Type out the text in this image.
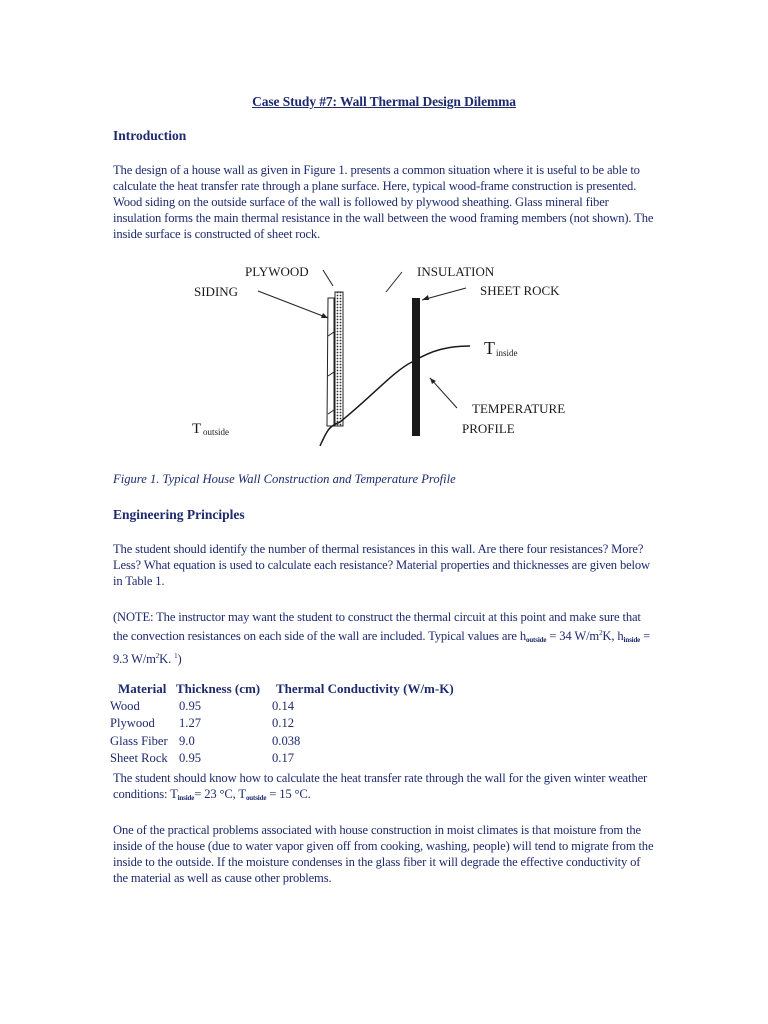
Case Study #7: Wall Thermal Design Dilemma
Introduction

The design of a house wall as given in Figure 1. presents a common situation where it is useful to be able to calculate the heat transfer rate through a plane surface. Here, typical wood-frame construction is presented. Wood siding on the outside surface of the wall is followed by plywood sheathing. Glass mineral fiber insulation forms the main thermal resistance in the wall between the wood framing members (not shown). The inside surface is constructed of sheet rock.

PLYWOOD
SIDING
INSULATION
SHEET ROCK
T inside
TEMPERATURE
PROFILE
T outside
Figure 1. Typical House Wall Construction and Temperature Profile
Engineering Principles

The student should identify the number of thermal resistances in this wall. Are there four resistances? More? Less? What equation is used to calculate each resistance? Material properties and thicknesses are given below in Table 1.

(NOTE: The instructor may want the student to construct the thermal circuit at this point and make sure that the convection resistances on each side of the wall are included. Typical values are $h_{outside} = 34$ $W/m^2K$, $h_{inside} = 9.3$ $W/m^2K$. $^1$)

Material Thickness (cm)	Thermal Conductivity (W/m-K)
Wood	0.95	0.14
Plywood	1.27	0.12
Glass Fiber 9.0	0.038
Sheet Rock 0.95	0.17

The student should know how to calculate the heat transfer rate through the wall for the given winter weather conditions: $T_{inside}= 23$ °C, $T_{outside} = 15$ °C.

One of the practical problems associated with house construction in moist climates is that moisture from the inside of the house (due to water vapor given off from cooking, washing, people) will tend to migrate from the inside to the outside. If the moisture condenses in the glass fiber it will degrade the effective conductivity of the material as well as cause other problems.
